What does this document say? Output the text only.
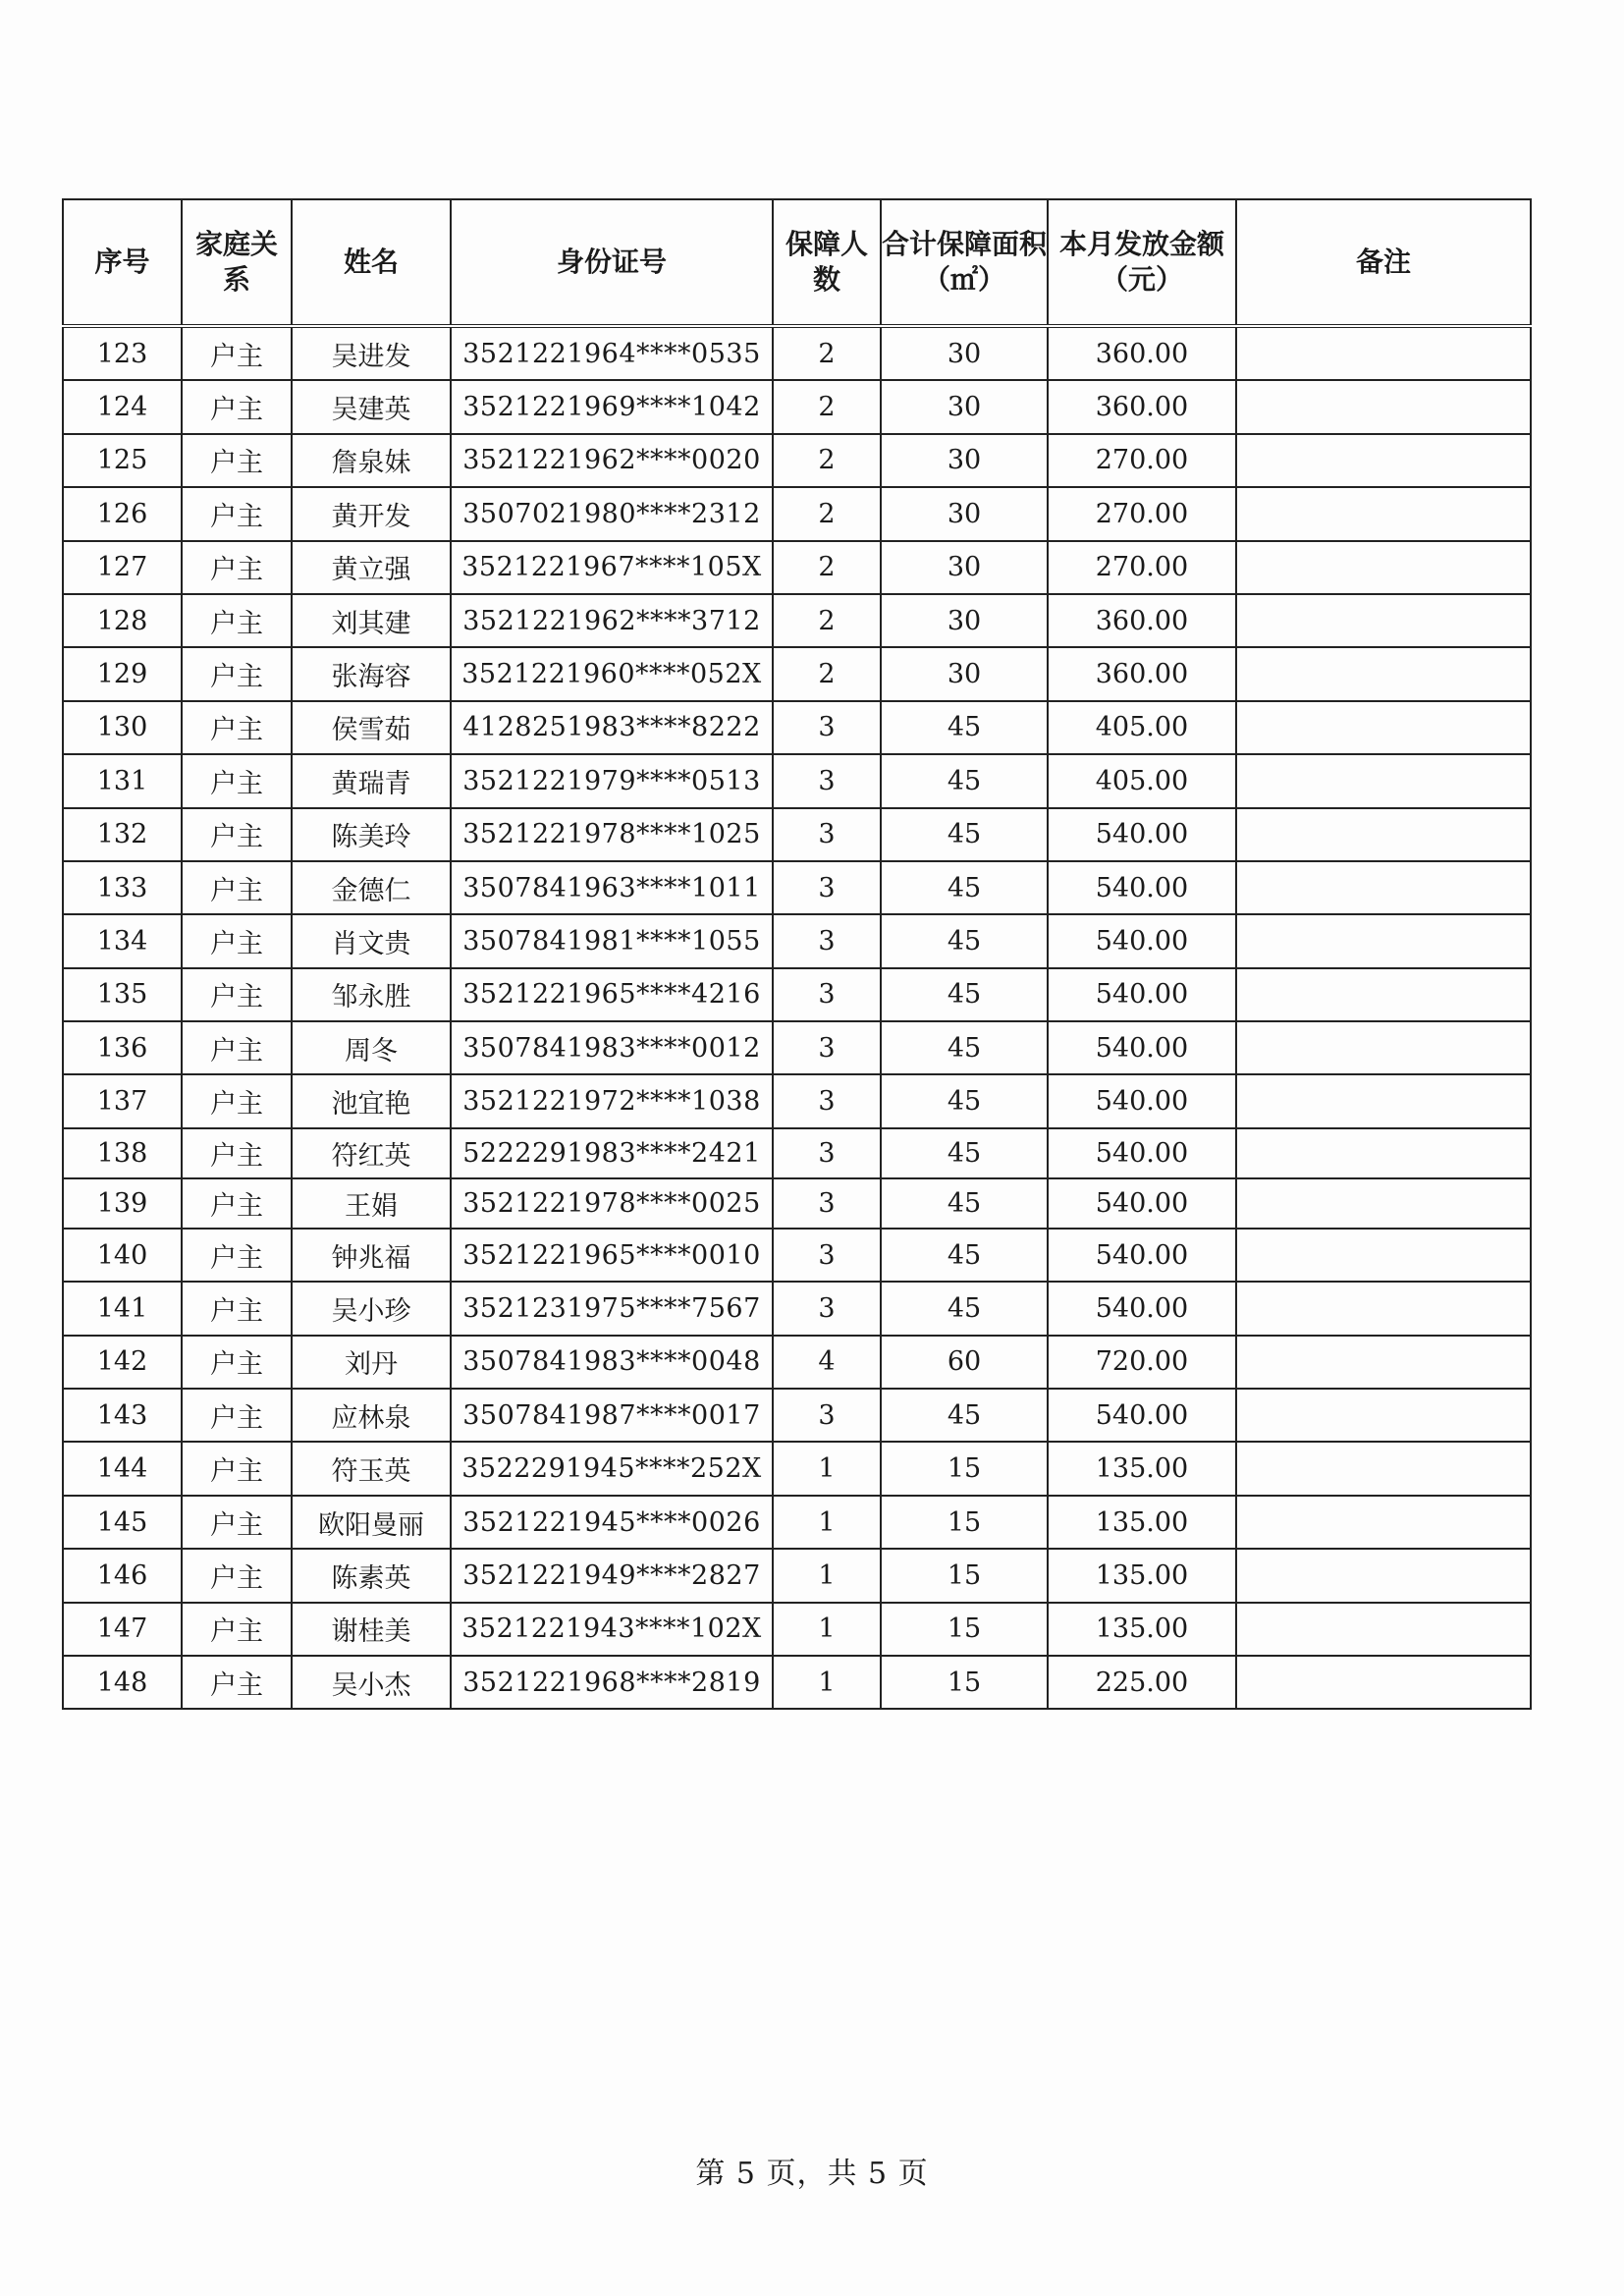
序号	家庭关系	姓名	身份证号	保障人数	合计保障面积（㎡）	本月发放金额（元）	备注
123	户主	吴进发	3521221964****0535	2	30	360.00	
124	户主	吴建英	3521221969****1042	2	30	360.00	
125	户主	詹泉妹	3521221962****0020	2	30	270.00	
126	户主	黄开发	3507021980****2312	2	30	270.00	
127	户主	黄立强	3521221967****105X	2	30	270.00	
128	户主	刘其建	3521221962****3712	2	30	360.00	
129	户主	张海容	3521221960****052X	2	30	360.00	
130	户主	侯雪茹	4128251983****8222	3	45	405.00	
131	户主	黄瑞青	3521221979****0513	3	45	405.00	
132	户主	陈美玲	3521221978****1025	3	45	540.00	
133	户主	金德仁	3507841963****1011	3	45	540.00	
134	户主	肖文贵	3507841981****1055	3	45	540.00	
135	户主	邹永胜	3521221965****4216	3	45	540.00	
136	户主	周冬	3507841983****0012	3	45	540.00	
137	户主	池宜艳	3521221972****1038	3	45	540.00	
138	户主	符红英	5222291983****2421	3	45	540.00	
139	户主	王娟	3521221978****0025	3	45	540.00	
140	户主	钟兆福	3521221965****0010	3	45	540.00	
141	户主	吴小珍	3521231975****7567	3	45	540.00	
142	户主	刘丹	3507841983****0048	4	60	720.00	
143	户主	应林泉	3507841987****0017	3	45	540.00	
144	户主	符玉英	3522291945****252X	1	15	135.00	
145	户主	欧阳曼丽	3521221945****0026	1	15	135.00	
146	户主	陈素英	3521221949****2827	1	15	135.00	
147	户主	谢桂美	3521221943****102X	1	15	135.00	
148	户主	吴小杰	3521221968****2819	1	15	225.00	
第 5 页，共 5 页
